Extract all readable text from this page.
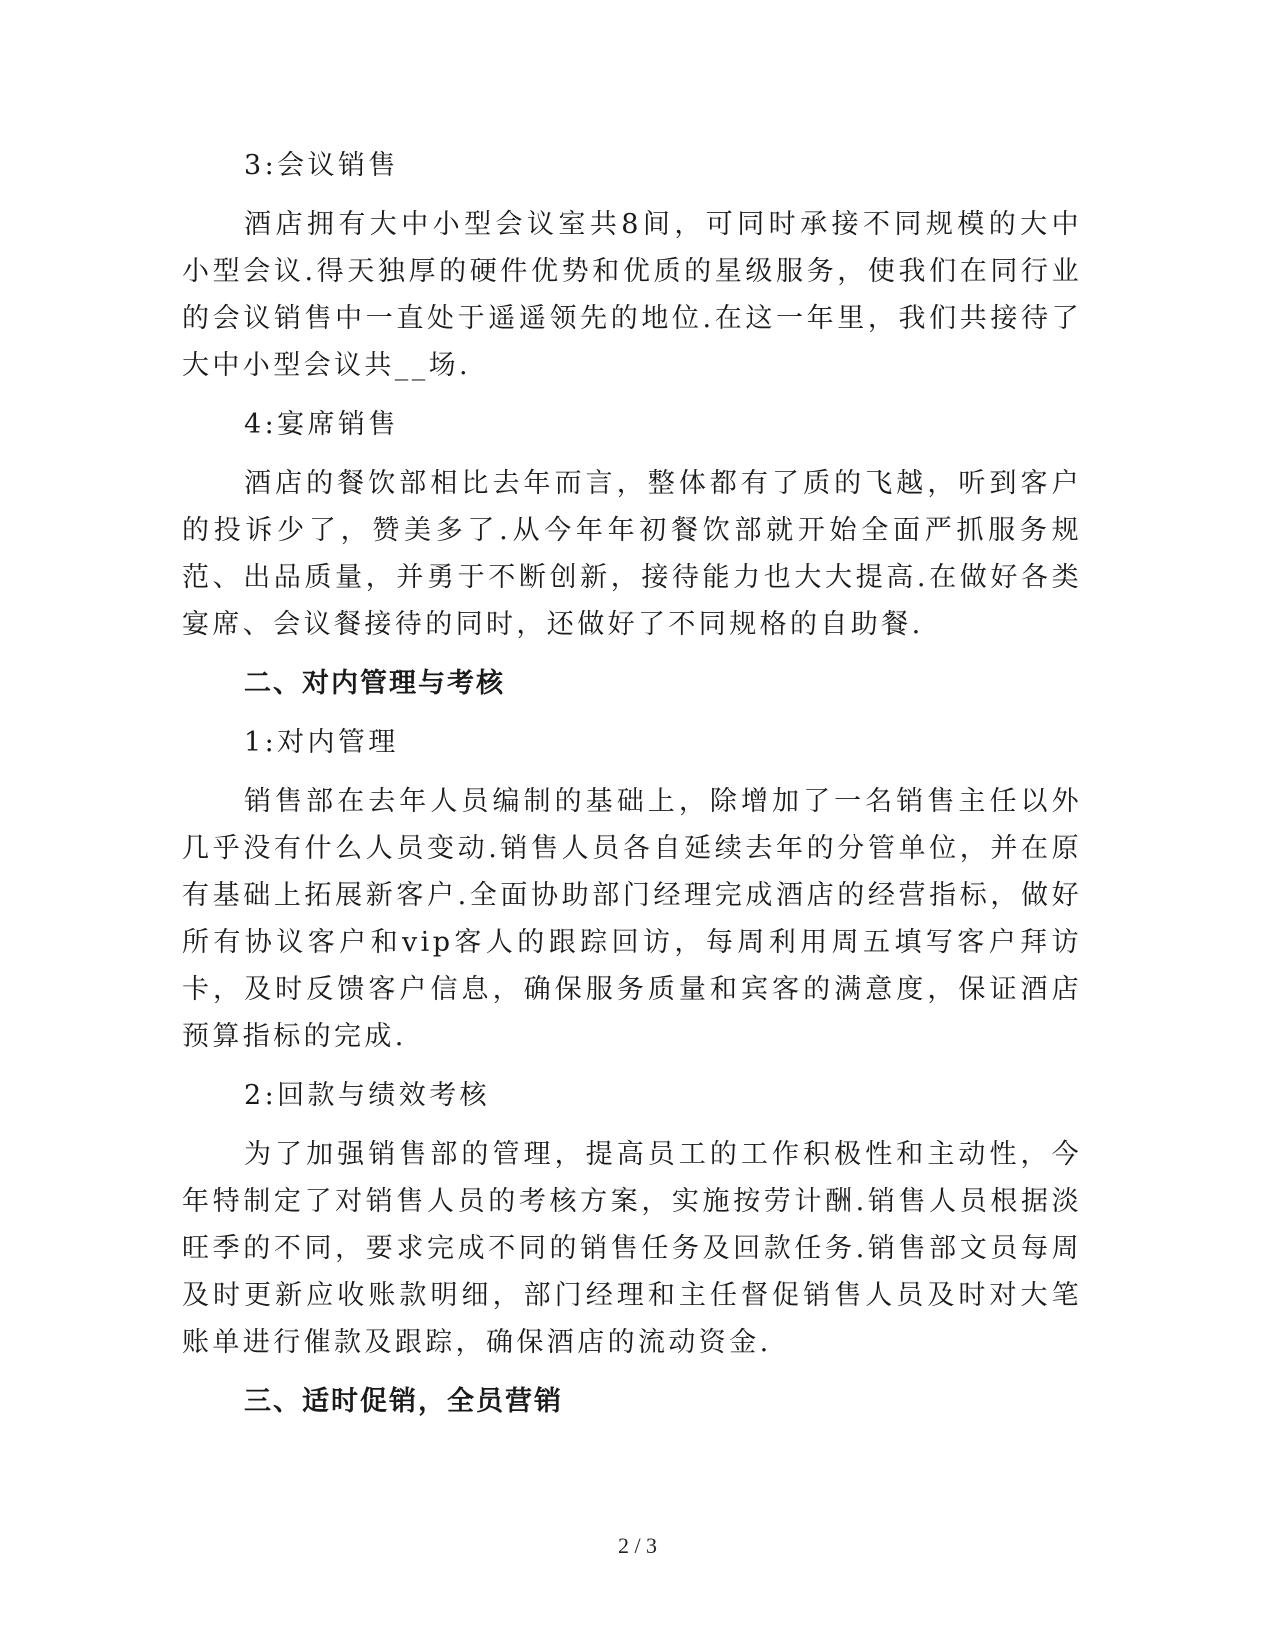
3:会议销售

酒店拥有大中小型会议室共8间，可同时承接不同规模的大中小型会议.得天独厚的硬件优势和优质的星级服务，使我们在同行业的会议销售中一直处于遥遥领先的地位.在这一年里，我们共接待了大中小型会议共__场.

4:宴席销售

酒店的餐饮部相比去年而言，整体都有了质的飞越，听到客户的投诉少了，赞美多了.从今年年初餐饮部就开始全面严抓服务规范、出品质量，并勇于不断创新，接待能力也大大提高.在做好各类宴席、会议餐接待的同时，还做好了不同规格的自助餐.

二、对内管理与考核

1:对内管理

销售部在去年人员编制的基础上，除增加了一名销售主任以外几乎没有什么人员变动.销售人员各自延续去年的分管单位，并在原有基础上拓展新客户.全面协助部门经理完成酒店的经营指标，做好所有协议客户和vip客人的跟踪回访，每周利用周五填写客户拜访卡，及时反馈客户信息，确保服务质量和宾客的满意度，保证酒店预算指标的完成.

2:回款与绩效考核

为了加强销售部的管理，提高员工的工作积极性和主动性，今年特制定了对销售人员的考核方案，实施按劳计酬.销售人员根据淡旺季的不同，要求完成不同的销售任务及回款任务.销售部文员每周及时更新应收账款明细，部门经理和主任督促销售人员及时对大笔账单进行催款及跟踪，确保酒店的流动资金.

三、适时促销，全员营销

2 / 3
